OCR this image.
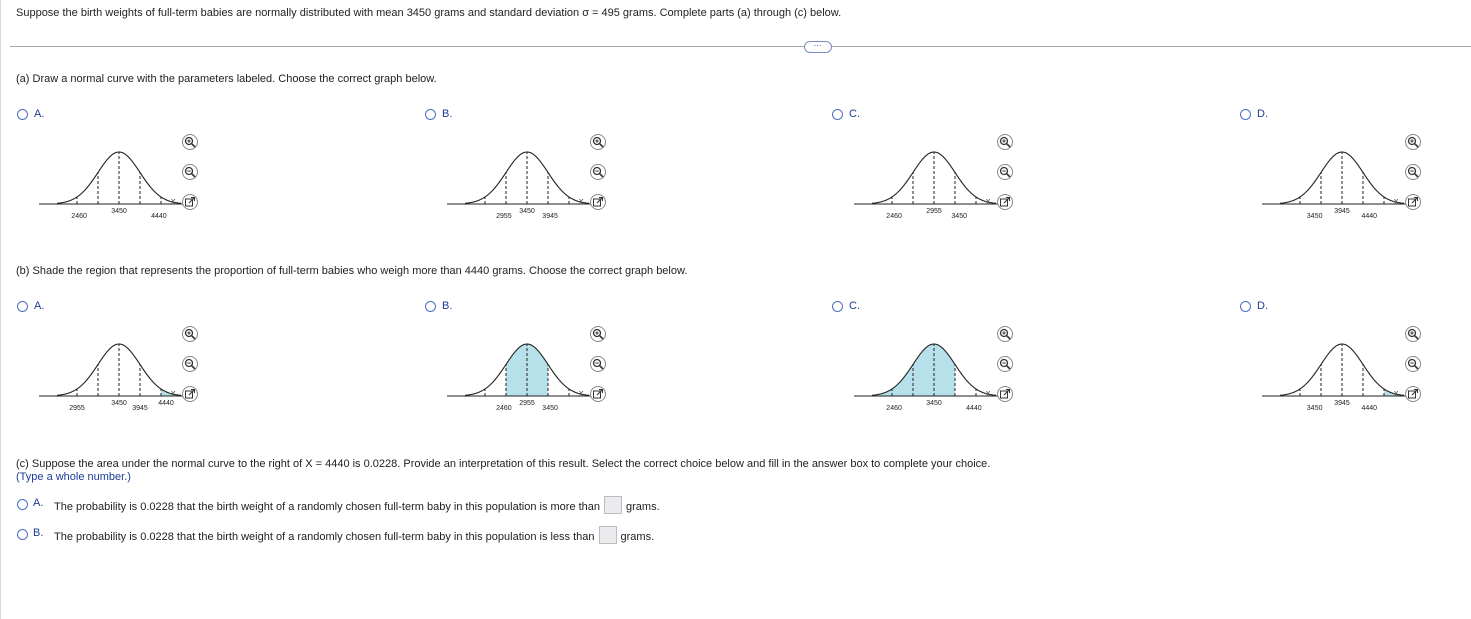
Suppose the birth weights of full-term babies are normally distributed with mean 3450 grams and standard deviation σ = 495 grams. Complete parts (a) through (c) below.
⋯
(a) Draw a normal curve with the parameters labeled. Choose the correct graph below.
A.
2460
3450
4440
x
B.
2955
3450
3945
x
C.
2460
2955
3450
x
D.
3450
3945
4440
x
(b) Shade the region that represents the proportion of full-term babies who weigh more than 4440 grams. Choose the correct graph below.
A.
2955
3450
3945
4440
x
B.
2460
2955
3450
x
C.
2460
3450
4440
x
D.
3450
3945
4440
x
(c) Suppose the area under the normal curve to the right of X = 4440 is 0.0228. Provide an interpretation of this result. Select the correct choice below and fill in the answer box to complete your choice.
(Type a whole number.)
A. The probability is 0.0228 that the birth weight of a randomly chosen full-term baby in this population is more than grams.
B. The probability is 0.0228 that the birth weight of a randomly chosen full-term baby in this population is less than grams.
